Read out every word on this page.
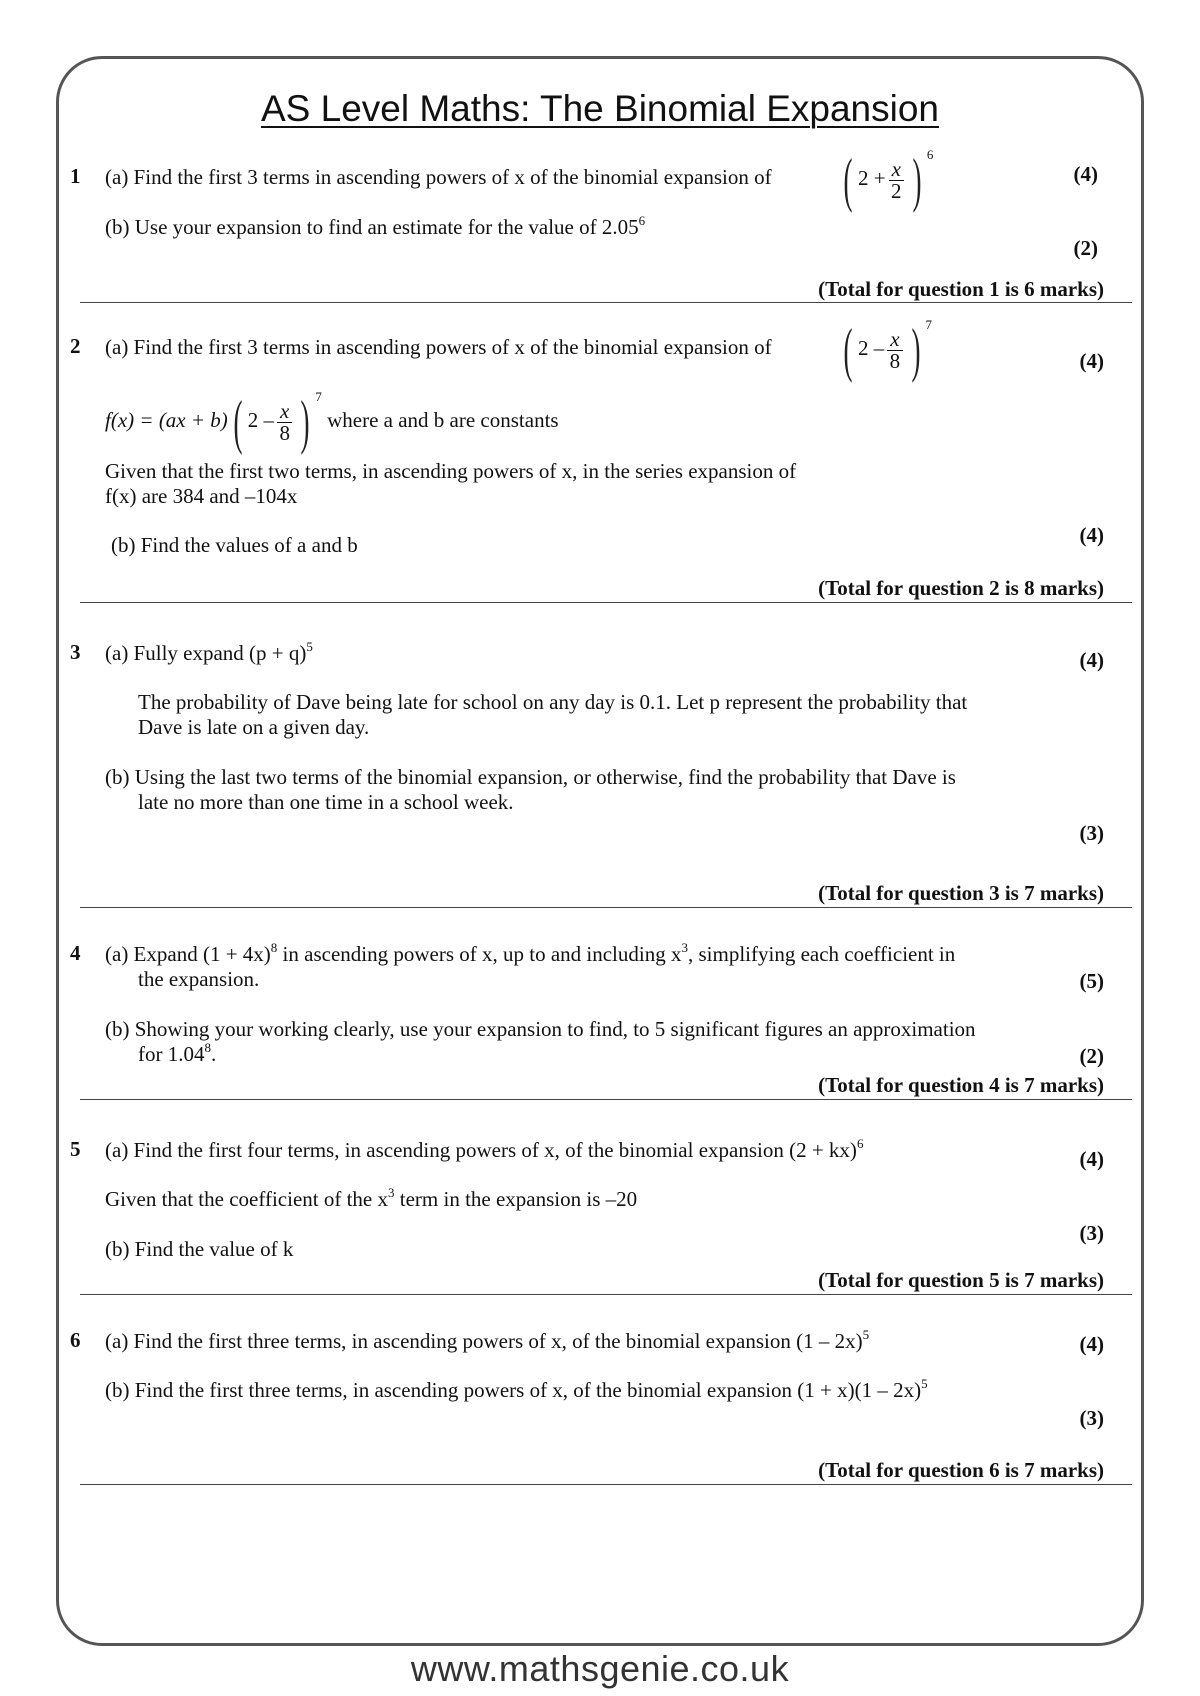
AS Level Maths: The Binomial Expansion
1 (a) Find the first 3 terms in ascending powers of x of the binomial expansion of ( $2 + \frac{x}{2}$ ) $^6$
(4)
(b) Use your expansion to find an estimate for the value of 2.05$^6$
(2)
(Total for question 1 is 6 marks)
2 (a) Find the first 3 terms in ascending powers of x of the binomial expansion of ( $2 - \frac{x}{8}$ ) $^7$
(4)
f(x) = (ax + b)( $2 - \frac{x}{8}$ ) $^7$ where a and b are constants
Given that the first two terms, in ascending powers of x, in the series expansion of
f(x) are 384 and –104x
(b) Find the values of a and b	(4)
(Total for question 2 is 8 marks)
3 (a) Fully expand $(p + q)^5$
(4)
The probability of Dave being late for school on any day is 0.1. Let p represent the probability that
Dave is late on a given day.
(b) Using the last two terms of the binomial expansion, or otherwise, find the probability that Dave is
late no more than one time in a school week.
(3)
(Total for question 3 is 7 marks)
4 (a) Expand $(1 + 4x)^8$ in ascending powers of x, up to and including $x^3$, simplifying each coefficient in
the expansion.	(5)
(b) Showing your working clearly, use your expansion to find, to 5 significant figures an approximation
for 1.04$^8$.	(2)
(Total for question 4 is 7 marks)
5 (a) Find the first four terms, in ascending powers of x, of the binomial expansion (2 + kx)$^6$
(4)
Given that the coefficient of the $x^3$ term in the expansion is –20
(3)
(b) Find the value of k
(Total for question 5 is 7 marks)
6 (a) Find the first three terms, in ascending powers of x, of the binomial expansion (1 – 2x)$^5$	(4)
(b) Find the first three terms, in ascending powers of x, of the binomial expansion (1 + x)(1 – 2x)$^5$
(3)
(Total for question 6 is 7 marks)
www.mathsgenie.co.uk
